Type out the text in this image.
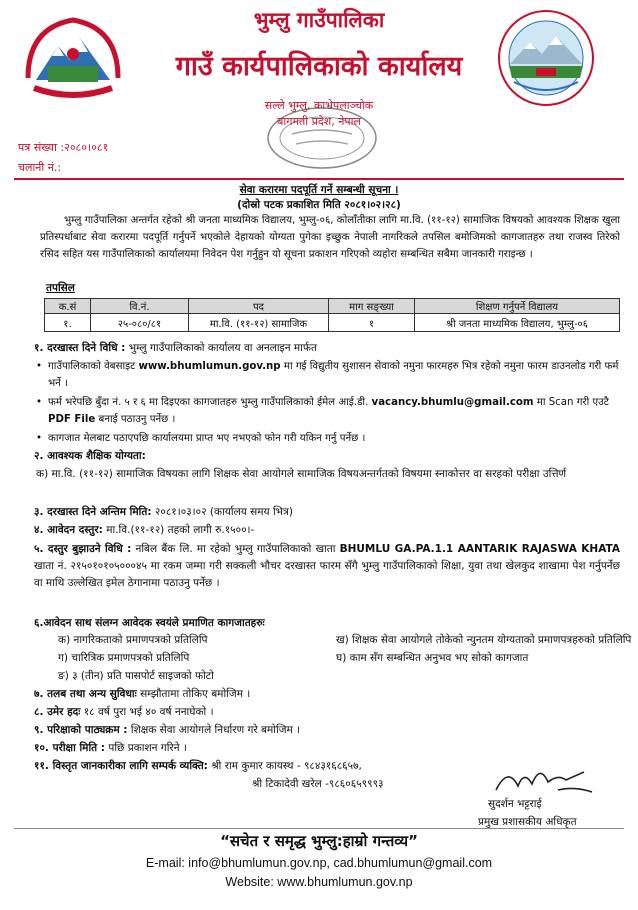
भुम्लु गाउँपालिका
गाउँ कार्यपालिकाको कार्यालय
सल्ले भुम्लु, काभ्रेपलाञ्चोक
बागमती प्रदेश, नेपाल
पत्र संख्या :२०८०।०८१
चलानी नं.:
सेवा करारमा पदपूर्ति गर्ने सम्बन्धी सूचना ।
(दोस्रो पटक प्रकाशित मिति २०८१।०२।२८)
भुम्लु गाउँपालिका अन्तर्गत रहेको श्री जनता माध्यमिक विद्यालय, भुम्लु-०६, कोलाँतीका लागि मा.वि. (११-१२) सामाजिक विषयको आवश्यक शिक्षक खुला प्रतिस्पर्धाबाट सेवा करारमा पदपूर्ति गर्नुपर्ने भएकोले देहायको योग्यता पुगेका इच्छुक नेपाली नागरिकले तपसिल बमोजिमको कागजातहरु तथा राजस्व तिरेको रसिद सहित यस गाउँपालिकाको कार्यालयमा निवेदन पेश गर्नुहुन यो सूचना प्रकाशन गरिएको व्यहोरा सम्बन्धित सबैमा जानकारी गराइन्छ ।
तपसिल
क.सं	वि.नं.	पद	माग सङ्ख्या	शिक्षण गर्नुपर्ने विद्यालय
१.	२५-०८०/८१	मा.वि. (११-१२) सामाजिक	१	श्री जनता माध्यमिक विद्यालय, भुम्लु-०६
१. दरखास्त दिने विधि : भुम्लु गाउँपालिकाको कार्यालय वा अनलाइन मार्फत
• गाउँपालिकाको वेबसाइट www.bhumlumun.gov.np मा गई विद्युतीय सुशासन सेवाको नमुना फारमहरु भित्र रहेको नमुना फारम डाउनलोड गरी फर्म भर्ने ।
• फर्म भरेपछि बुँदा नं. ५ र ६ मा दिइएका कागजातहरु भुम्लु गाउँपालिकाको ईमेल आई.डी. vacancy.bhumlu@gmail.com मा Scan गरी एउटै PDF File बनाई पठाउनु पर्नेछ ।
• कागजात मेलबाट पठाएपछि कार्यालयमा प्राप्त भए नभएको फोन गरी यकिन गर्नु पर्नेछ ।
२. आवश्यक शैक्षिक योग्यता:
क) मा.वि. (११-१२) सामाजिक विषयका लागि शिक्षक सेवा आयोगले सामाजिक विषयअन्तर्गतको विषयमा स्नाकोत्तर वा सरहको परीक्षा उत्तिर्ण
३. दरखास्त दिने अन्तिम मिति: २०८१।०३।०२ (कार्यालय समय भित्र)
४. आवेदन दस्तुर: मा.वि.(११-१२) तहको लागी रु.१५००।-
५. दस्तुर बुझाउने विधि : नबिल बैंक लि. मा रहेको भुम्लु गाउँपालिकाको खाता BHUMLU GA.PA.1.1 AANTARIK RAJASWA KHATA खाता नं. २१५०१०१०५०००४५ मा रकम जम्मा गरी सक्कली भौचर दरखास्त फारम सँगै भुम्लु गाउँपालिकाको शिक्षा, युवा तथा खेलकुद शाखामा पेश गर्नुपर्नेछ वा माथि उल्लेखित इमेल ठेगानामा पठाउनु पर्नेछ ।
६.आवेदन साथ संलग्न आवेदक स्वयंले प्रमाणित कागजातहरुः
क) नागरिकताको प्रमाणपत्रको प्रतिलिपि	ख) शिक्षक सेवा आयोगले तोकेको न्युनतम योग्यताको प्रमाणपत्रहरुको प्रतिलिपि
ग) चारित्रिक प्रमाणपत्रको प्रतिलिपि	घ) काम सँग सम्बन्धित अनुभव भए सोको कागजात
ङ) ३ (तीन) प्रति पासपोर्ट साइजको फोटो
७. तलब तथा अन्य सुविधाः सम्झौतामा तोकिए बमोजिम ।
८. उमेर हदः १८ वर्ष पुरा भई ४० वर्ष ननाघेको ।
९. परिक्षाको पाठ्यक्रम : शिक्षक सेवा आयोगले निर्धारण गरे बमोजिम ।
१०. परीक्षा मिति : पछि प्रकाशन गरिने ।
११. विस्तृत जानकारीका लागि सम्पर्क व्यक्ति: श्री राम कुमार कायस्थ - ९८४३१६८६५७,
श्री टिकादेवी खरेल -९८६०६५९९९३
सुदर्शन भट्टराई
प्रमुख प्रशासकीय अधिकृत
“सचेत र समृद्ध भुम्लु:हाम्रो गन्तव्य”
E-mail: info@bhumlumun.gov.np, cad.bhumlumun@gmail.com
Website: www.bhumlumun.gov.np
